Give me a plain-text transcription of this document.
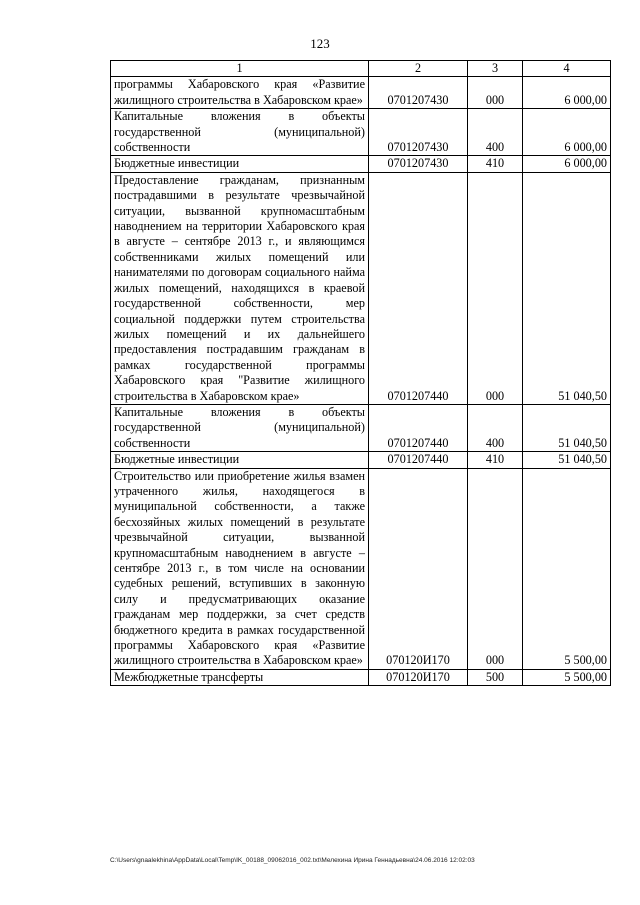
123
1	2	3	4
программы Хабаровского края «Развитие жилищного строительства в Хабаровском крае»	0701207430	000	6 000,00
Капитальные вложения в объекты государственной (муниципальной) собственности	0701207430	400	6 000,00
Бюджетные инвестиции	0701207430	410	6 000,00
Предоставление гражданам, признанным пострадавшими в результате чрезвычайной ситуации, вызванной крупномасштабным наводнением на территории Хабаровского края в августе – сентябре 2013 г., и являющимся собственниками жилых помещений или нанимателями по договорам социального найма жилых помещений, находящихся в краевой государственной собственности, мер социальной поддержки путем строительства жилых помещений и их дальнейшего предоставления пострадавшим гражданам в рамках государственной программы Хабаровского края "Развитие жилищного строительства в Хабаровском крае»	0701207440	000	51 040,50
Капитальные вложения в объекты государственной (муниципальной) собственности	0701207440	400	51 040,50
Бюджетные инвестиции	0701207440	410	51 040,50
Строительство или приобретение жилья взамен утраченного жилья, находящегося в муниципальной собственности, а также бесхозяйных жилых помещений в результате чрезвычайной ситуации, вызванной крупномасштабным наводнением в августе – сентябре 2013 г., в том числе на основании судебных решений, вступивших в законную силу и предусматривающих оказание гражданам мер поддержки, за счет средств бюджетного кредита в рамках государственной программы Хабаровского края «Развитие жилищного строительства в Хабаровском крае»	070120И170	000	5 500,00
Межбюджетные трансферты	070120И170	500	5 500,00
C:\Users\gnaalekhina\AppData\Local\Temp\IK_00188_09062016_002.txt\Мелехина Ирина Геннадьевна\24.06.2016 12:02:03
